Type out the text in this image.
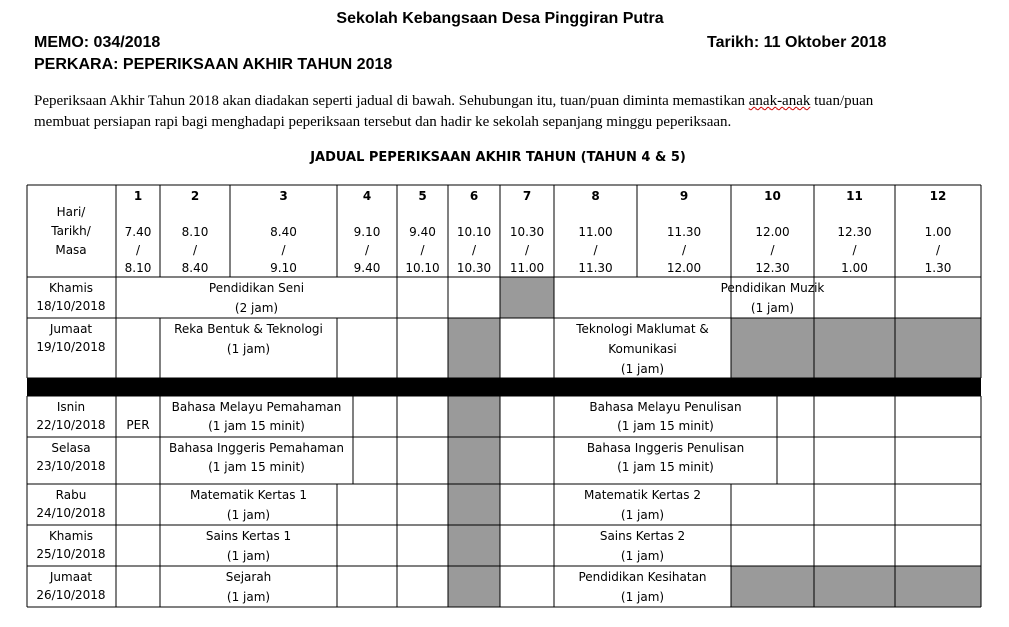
Sekolah Kebangsaan Desa Pinggiran Putra
MEMO: 034/2018	Tarikh: 11 Oktober 2018
PERKARA: PEPERIKSAAN AKHIR TAHUN 2018
Peperiksaan Akhir Tahun 2018 akan diadakan seperti jadual di bawah. Sehubungan itu, tuan/puan diminta memastikan anak-anak tuan/puan
membuat persiapan rapi bagi menghadapi peperiksaan tersebut dan hadir ke sekolah sepanjang minggu peperiksaan.
JADUAL PEPERIKSAAN AKHIR TAHUN (TAHUN 4 & 5)
Hari/
Tarikh/
Masa
1
7.40
/
8.10
2
8.10
/
8.40
3
8.40
/
9.10
4
9.10
/
9.40
5
9.40
/
10.10
6
10.10
/
10.30
7
10.30
/
11.00
8
11.00
/
11.30
9
11.30
/
12.00
10
12.00
/
12.30
11
12.30
/
1.00
12
1.00
/
1.30
Khamis
18/10/2018
Pendidikan Seni
(2 jam)
Pendidikan Muzik
(1 jam)
Jumaat
19/10/2018
Reka Bentuk & Teknologi
(1 jam)
Teknologi Maklumat &
Komunikasi
(1 jam)
Isnin
22/10/2018 PER
Bahasa Melayu Pemahaman
(1 jam 15 minit)
Bahasa Melayu Penulisan
(1 jam 15 minit)
Selasa
23/10/2018
Bahasa Inggeris Pemahaman
(1 jam 15 minit)
Bahasa Inggeris Penulisan
(1 jam 15 minit)
Rabu
24/10/2018
Matematik Kertas 1
(1 jam)
Matematik Kertas 2
(1 jam)
Khamis
25/10/2018
Sains Kertas 1
(1 jam)
Sains Kertas 2
(1 jam)
Jumaat
26/10/2018
Sejarah
(1 jam)
Pendidikan Kesihatan
(1 jam)
